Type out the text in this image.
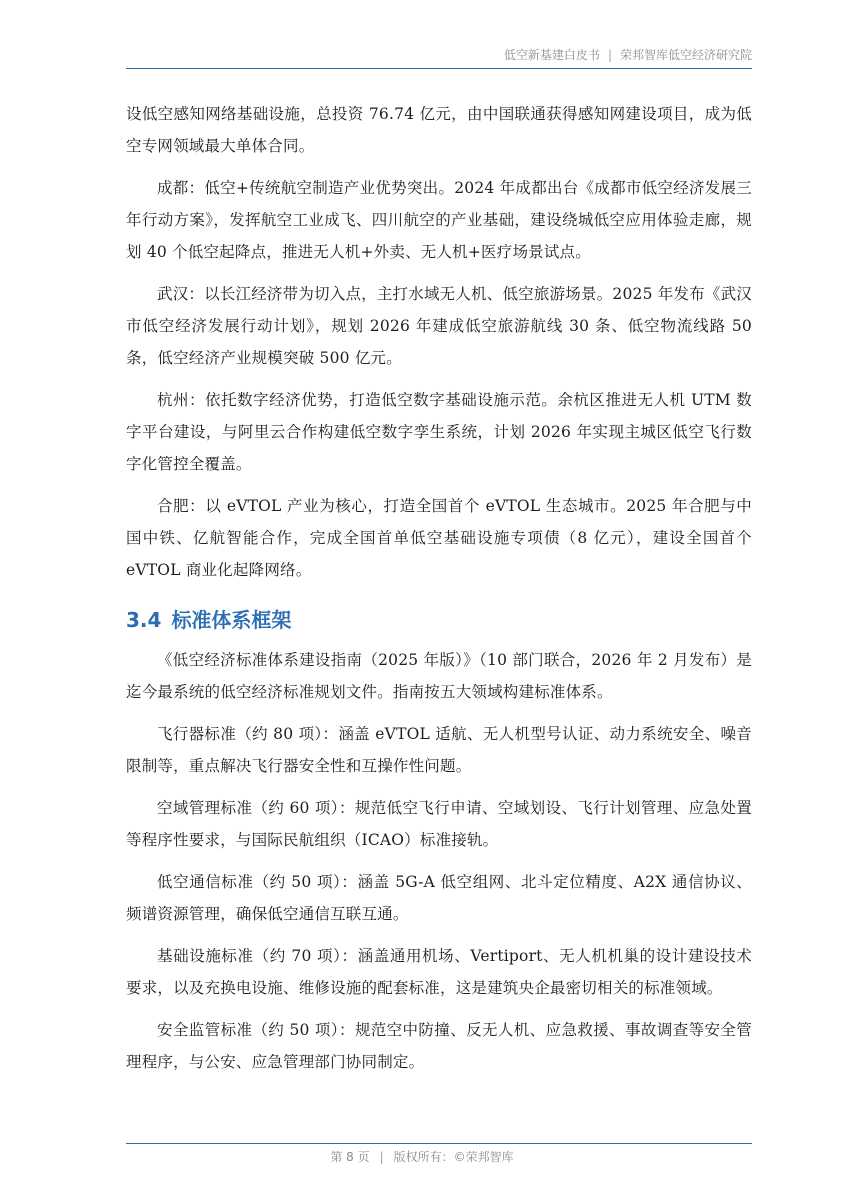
低空新基建白皮书 | 荣邦智库低空经济研究院

设低空感知网络基础设施，总投资 76.74 亿元，由中国联通获得感知网建设项目，成为低空专网领域最大单体合同。

成都：低空+传统航空制造产业优势突出。2024 年成都出台《成都市低空经济发展三年行动方案》，发挥航空工业成飞、四川航空的产业基础，建设绕城低空应用体验走廊，规划 40 个低空起降点，推进无人机+外卖、无人机+医疗场景试点。

武汉：以长江经济带为切入点，主打水域无人机、低空旅游场景。2025 年发布《武汉市低空经济发展行动计划》，规划 2026 年建成低空旅游航线 30 条、低空物流线路 50 条，低空经济产业规模突破 500 亿元。

杭州：依托数字经济优势，打造低空数字基础设施示范。余杭区推进无人机 UTM 数字平台建设，与阿里云合作构建低空数字孪生系统，计划 2026 年实现主城区低空飞行数字化管控全覆盖。

合肥：以 eVTOL 产业为核心，打造全国首个 eVTOL 生态城市。2025 年合肥与中国中铁、亿航智能合作，完成全国首单低空基础设施专项债（8 亿元），建设全国首个 eVTOL 商业化起降网络。

3.4 标准体系框架

《低空经济标准体系建设指南（2025 年版）》（10 部门联合，2026 年 2 月发布）是迄今最系统的低空经济标准规划文件。指南按五大领域构建标准体系。

飞行器标准（约 80 项）：涵盖 eVTOL 适航、无人机型号认证、动力系统安全、噪音限制等，重点解决飞行器安全性和互操作性问题。

空域管理标准（约 60 项）：规范低空飞行申请、空域划设、飞行计划管理、应急处置等程序性要求，与国际民航组织（ICAO）标准接轨。

低空通信标准（约 50 项）：涵盖 5G-A 低空组网、北斗定位精度、A2X 通信协议、频谱资源管理，确保低空通信互联互通。

基础设施标准（约 70 项）：涵盖通用机场、Vertiport、无人机机巢的设计建设技术要求，以及充换电设施、维修设施的配套标准，这是建筑央企最密切相关的标准领域。

安全监管标准（约 50 项）：规范空中防撞、反无人机、应急救援、事故调查等安全管理程序，与公安、应急管理部门协同制定。

第 8 页 | 版权所有：©荣邦智库
